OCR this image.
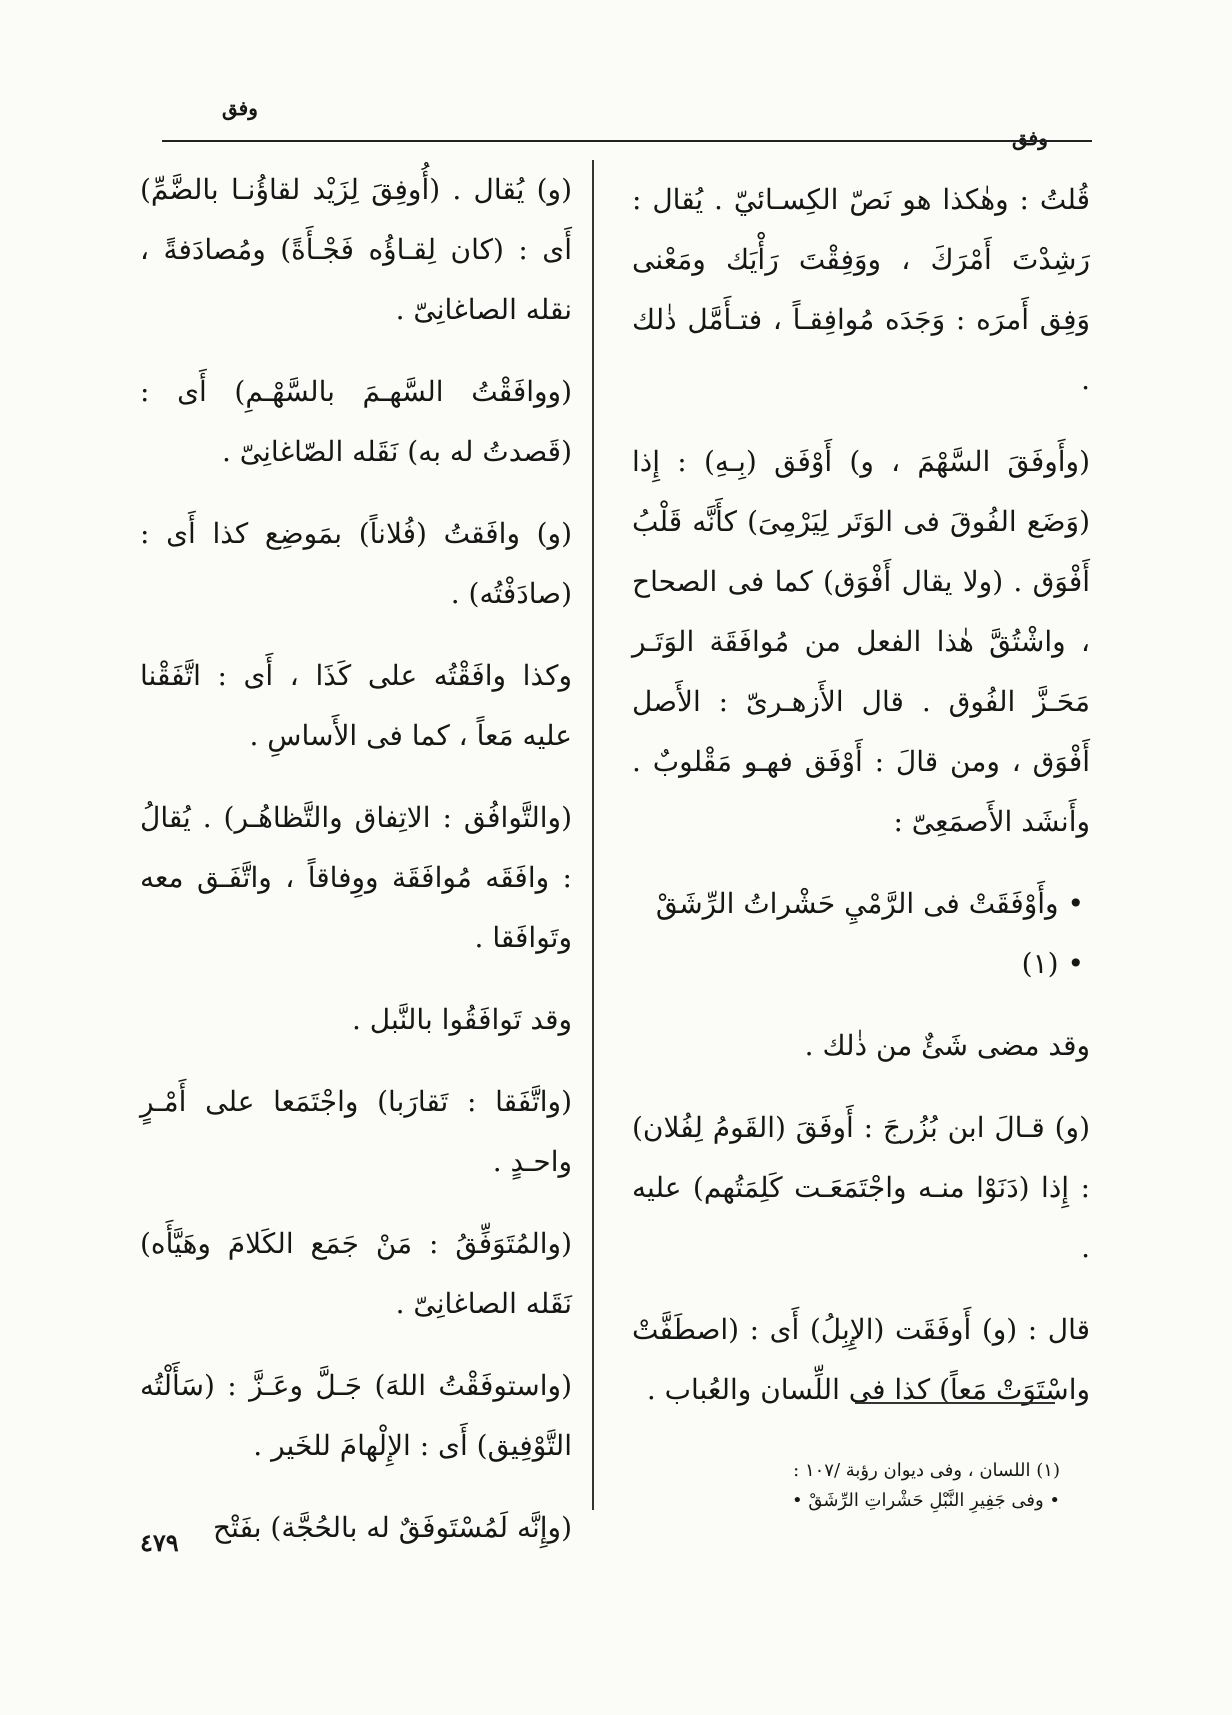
وفق
وفق

قُلتُ : وهٰكذا هو نَصّ الكِسـائيّ . يُقال : رَشِدْتَ أَمْرَكَ ، ووَفِقْتَ رَأْيَك ومَعْنى وَفِق أَمرَه : وَجَدَه مُوافِقـاً ، فتـأَمَّل ذٰلك .

(وأَوفَقَ السَّهْمَ ، و) أَوْفَق (بِـهِ) : إِذا (وَضَع الفُوقَ فى الوَتَر لِيَرْمِىَ) كأَنَّه قَلْبُ أَفْوَق . (ولا يقال أَفْوَق) كما فى الصحاح ، واشْتُقَّ هٰذا الفعل من مُوافَقَة الوَتَـر مَحَـزَّ الفُوق . قال الأَزهـرىّ : الأَصل أَفْوَق ، ومن قالَ : أَوْفَق فهـو مَقْلوبٌ . وأَنشَد الأَصمَعِىّ :

• وأَوْفَقَتْ فى الرَّمْيِ حَشْراتُ الرِّشَقْ • (١)

وقد مضى شَئٌ من ذٰلك .

(و) قـالَ ابن بُزُرجَ : أَوفَقَ (القَومُ لِفُلان) : إِذا (دَنَوْا منـه واجْتَمَعَـت كَلِمَتُهم) عليه .

قال : (و) أَوفَقَت (الإِبِلُ) أَى : (اصطَفَّتْ واسْتَوَتْ مَعاً) كذا فى اللِّسان والعُباب .

(و) يُقال . (أُوفِقَ لِزَيْد لقاؤُنـا بالضَّمِّ) أَى : (كان لِقـاؤُه فَجْـأَةً) ومُصادَفةً ، نقله الصاغانِىّ .

(ووافَقْتُ السَّهـمَ بالسَّهْـمِ) أَى : (قَصدتُ له به) نَقَله الصّاغانِىّ .

(و) وافَقتُ (فُلاناً) بمَوضِع كذا أَى : (صادَفْتُه) .

وكذا وافَقْتُه على كَذَا ، أَى : اتَّفَقْنا عليه مَعاً ، كما فى الأَساسِ .

(والتَّوافُق : الاتِفاق والتَّظاهُـر) . يُقالُ : وافَقَه مُوافَقَة ووِفاقاً ، واتَّفَـق معه وتَوافَقا .

وقد تَوافَقُوا بالنَّبل .

(واتَّفَقا : تَقارَبا) واجْتَمَعا على أَمْـرٍ واحـدٍ .

(والمُتَوَفِّقُ : مَنْ جَمَع الكَلامَ وهَيَّأَه) نَقَله الصاغانِىّ .

(واستوفَقْتُ اللهَ) جَـلَّ وعَـزَّ : (سَأَلْتُه التَّوْفِيق) أَى : الإِلْهامَ للخَير .

(وإِنَّه لَمُسْتَوفَقٌ له بالحُجَّة) بفَتْح

(١) اللسان ، وفى ديوان رؤبة /١٠٧ :
• وفى جَفِيرِ النَّبْلِ حَشْراتِ الرِّشَقْ •
٤٧٩
